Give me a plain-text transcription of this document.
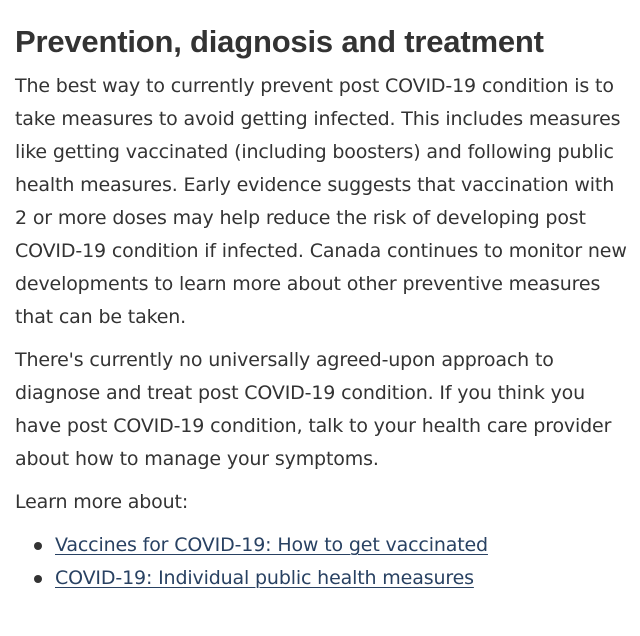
Prevention, diagnosis and treatment

The best way to currently prevent post COVID-19 condition is to take measures to avoid getting infected. This includes measures like getting vaccinated (including boosters) and following public health measures. Early evidence suggests that vaccination with 2 or more doses may help reduce the risk of developing post COVID-19 condition if infected. Canada continues to monitor new developments to learn more about other preventive measures that can be taken.

There's currently no universally agreed-upon approach to diagnose and treat post COVID-19 condition. If you think you have post COVID-19 condition, talk to your health care provider about how to manage your symptoms.

Learn more about:

Vaccines for COVID-19: How to get vaccinated
COVID-19: Individual public health measures
